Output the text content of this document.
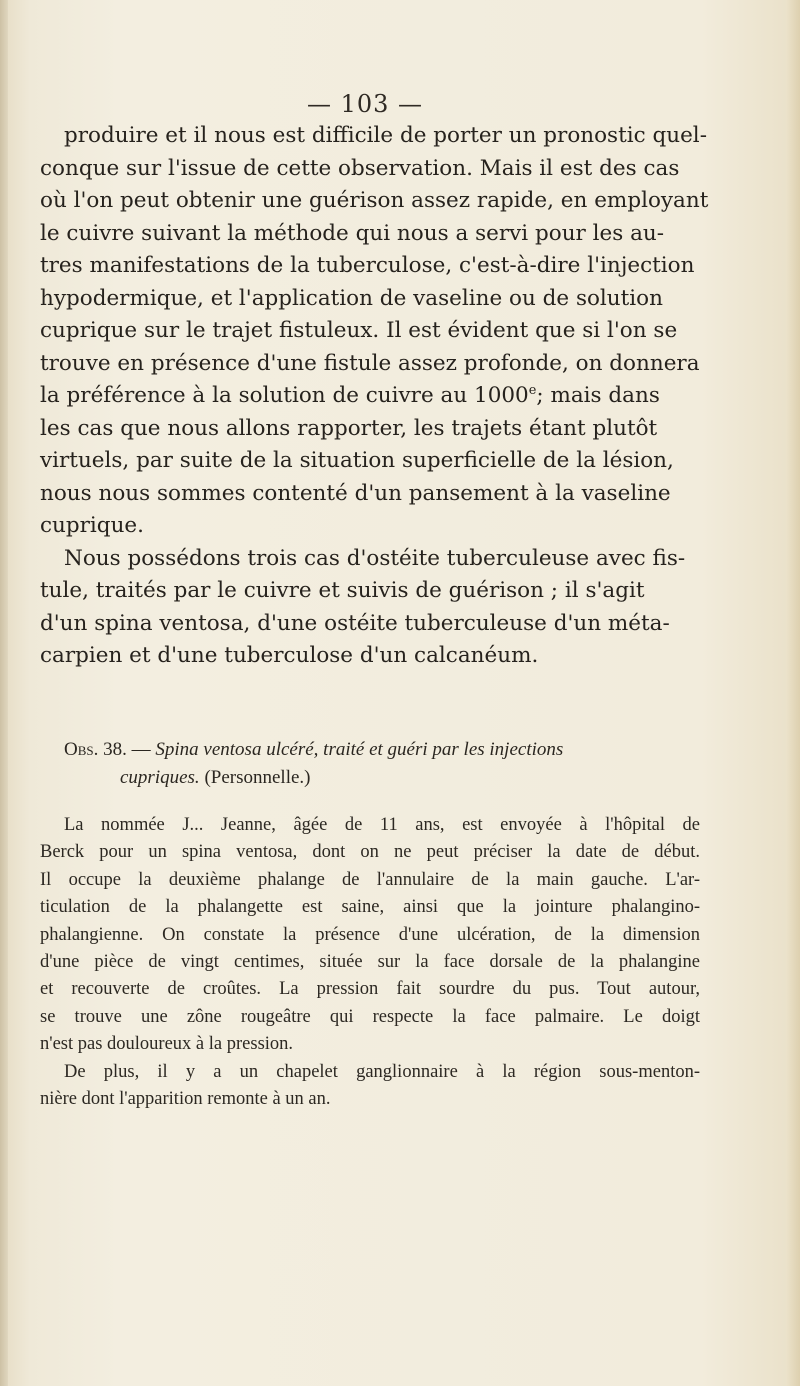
— 103 —
produire et il nous est difficile de porter un pronostic quel-
conque sur l'issue de cette observation. Mais il est des cas
où l'on peut obtenir une guérison assez rapide, en employant
le cuivre suivant la méthode qui nous a servi pour les au-
tres manifestations de la tuberculose, c'est-à-dire l'injection
hypodermique, et l'application de vaseline ou de solution
cuprique sur le trajet fistuleux. Il est évident que si l'on se
trouve en présence d'une fistule assez profonde, on donnera
la préférence à la solution de cuivre au 1000e; mais dans
les cas que nous allons rapporter, les trajets étant plutôt
virtuels, par suite de la situation superficielle de la lésion,
nous nous sommes contenté d'un pansement à la vaseline
cuprique.
Nous possédons trois cas d'ostéite tuberculeuse avec fis-
tule, traités par le cuivre et suivis de guérison ; il s'agit
d'un spina ventosa, d'une ostéite tuberculeuse d'un méta-
carpien et d'une tuberculose d'un calcanéum.
Obs. 38. — Spina ventosa ulcéré, traité et guéri par les injections
cupriques. (Personnelle.)
La nommée J... Jeanne, âgée de 11 ans, est envoyée à l'hôpital de
Berck pour un spina ventosa, dont on ne peut préciser la date de début.
Il occupe la deuxième phalange de l'annulaire de la main gauche. L'ar-
ticulation de la phalangette est saine, ainsi que la jointure phalangino-
phalangienne. On constate la présence d'une ulcération, de la dimension
d'une pièce de vingt centimes, située sur la face dorsale de la phalangine
et recouverte de croûtes. La pression fait sourdre du pus. Tout autour,
se trouve une zône rougeâtre qui respecte la face palmaire. Le doigt
n'est pas douloureux à la pression.
De plus, il y a un chapelet ganglionnaire à la région sous-menton-
nière dont l'apparition remonte à un an.
